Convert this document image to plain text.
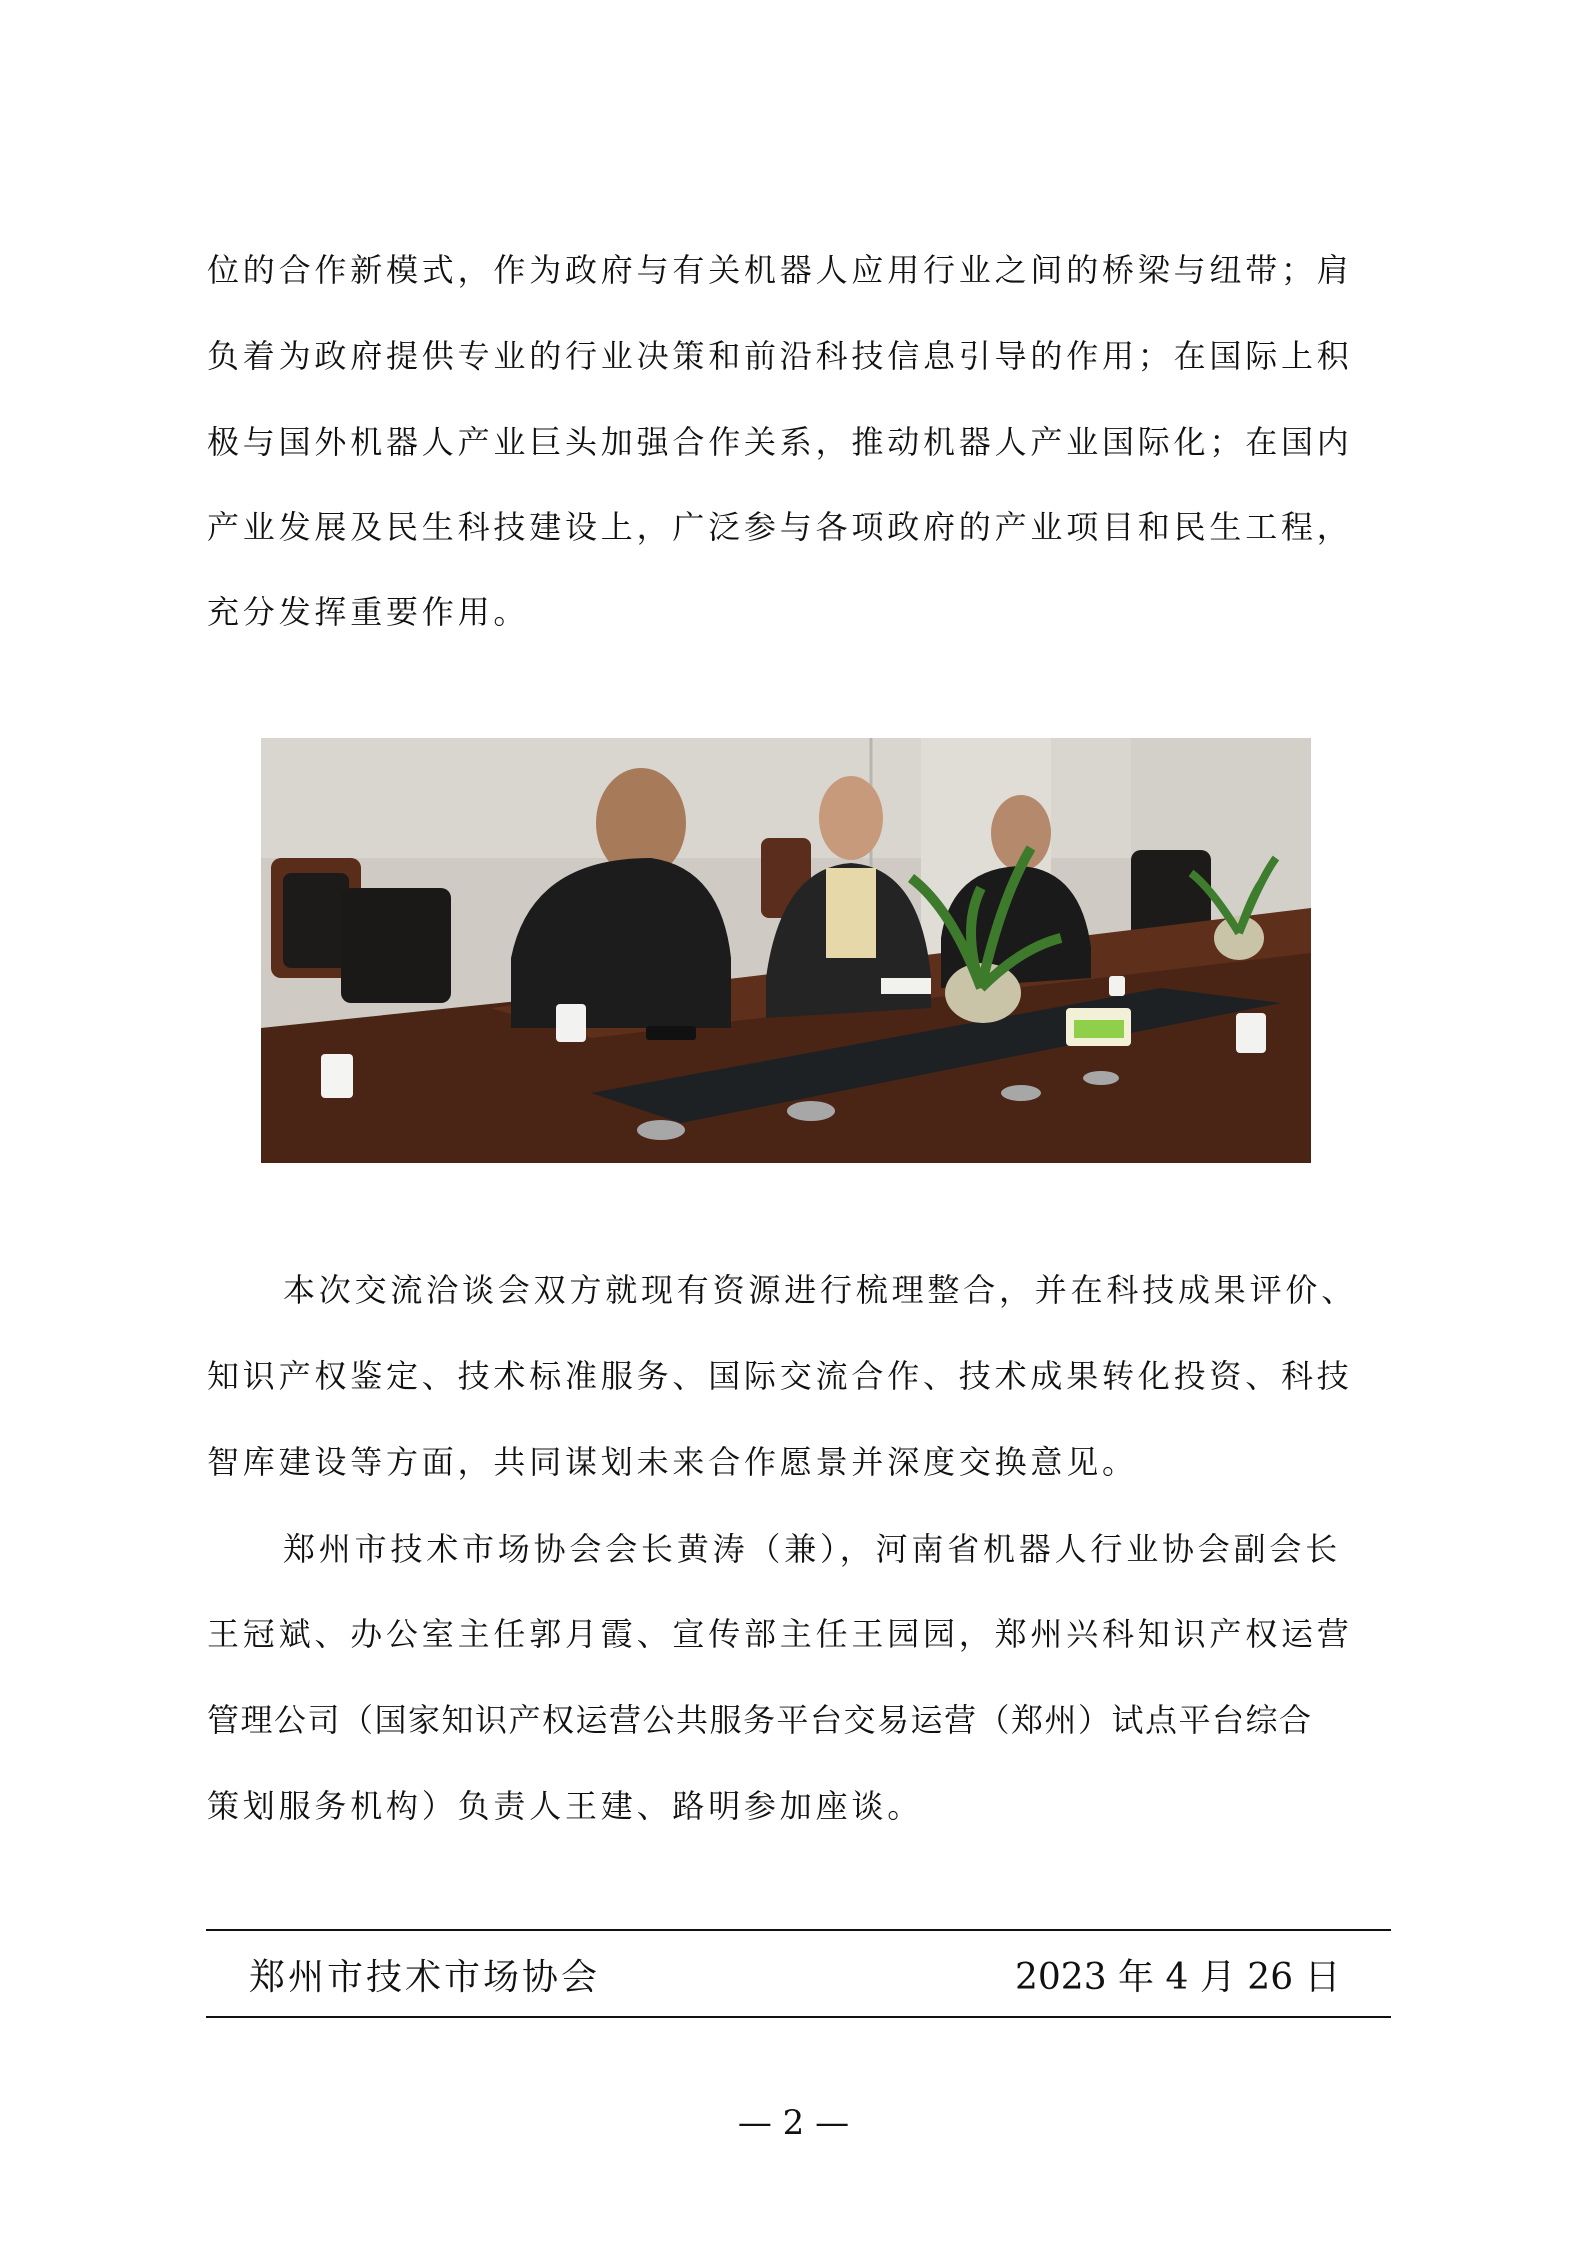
位的合作新模式，作为政府与有关机器人应用行业之间的桥梁与纽带；肩
负着为政府提供专业的行业决策和前沿科技信息引导的作用；在国际上积
极与国外机器人产业巨头加强合作关系，推动机器人产业国际化；在国内
产业发展及民生科技建设上，广泛参与各项政府的产业项目和民生工程，
充分发挥重要作用。
本次交流洽谈会双方就现有资源进行梳理整合，并在科技成果评价、
知识产权鉴定、技术标准服务、国际交流合作、技术成果转化投资、科技
智库建设等方面，共同谋划未来合作愿景并深度交换意见。
郑州市技术市场协会会长黄涛（兼），河南省机器人行业协会副会长
王冠斌、办公室主任郭月霞、宣传部主任王园园，郑州兴科知识产权运营
管理公司（国家知识产权运营公共服务平台交易运营（郑州）试点平台综合
策划服务机构）负责人王建、路明参加座谈。
郑州市技术市场协会	2023 年 4 月 26 日
— 2 —
